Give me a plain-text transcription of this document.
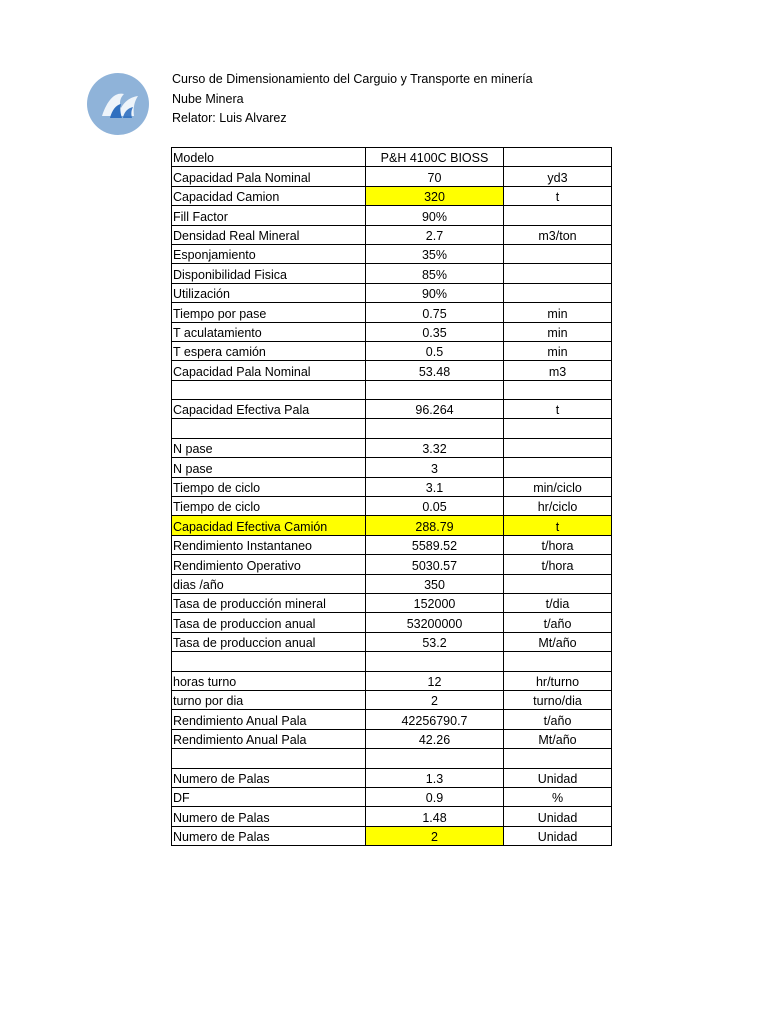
Curso de Dimensionamiento del Carguio y Transporte en minería
Nube Minera
Relator: Luis Alvarez
Modelo	P&H 4100C BIOSS	
Capacidad Pala Nominal	70	yd3
Capacidad Camion	320	t
Fill Factor	90%	
Densidad Real Mineral	2.7	m3/ton
Esponjamiento	35%	
Disponibilidad Fisica	85%	
Utilización	90%	
Tiempo por pase	0.75	min
T aculatamiento	0.35	min
T espera camión	0.5	min
Capacidad Pala Nominal	53.48	m3

Capacidad Efectiva Pala	96.264	t

N pase	3.32	
N pase	3	
Tiempo de ciclo	3.1	min/ciclo
Tiempo de ciclo	0.05	hr/ciclo
Capacidad Efectiva Camión	288.79	t
Rendimiento Instantaneo	5589.52	t/hora
Rendimiento Operativo	5030.57	t/hora
dias /año	350	
Tasa de producción mineral	152000	t/dia
Tasa de produccion anual	53200000	t/año
Tasa de produccion anual	53.2	Mt/año

horas turno	12	hr/turno
turno por dia	2	turno/dia
Rendimiento Anual Pala	42256790.7	t/año
Rendimiento Anual Pala	42.26	Mt/año

Numero de Palas	1.3	Unidad
DF	0.9	%
Numero de Palas	1.48	Unidad
Numero de Palas	2	Unidad
